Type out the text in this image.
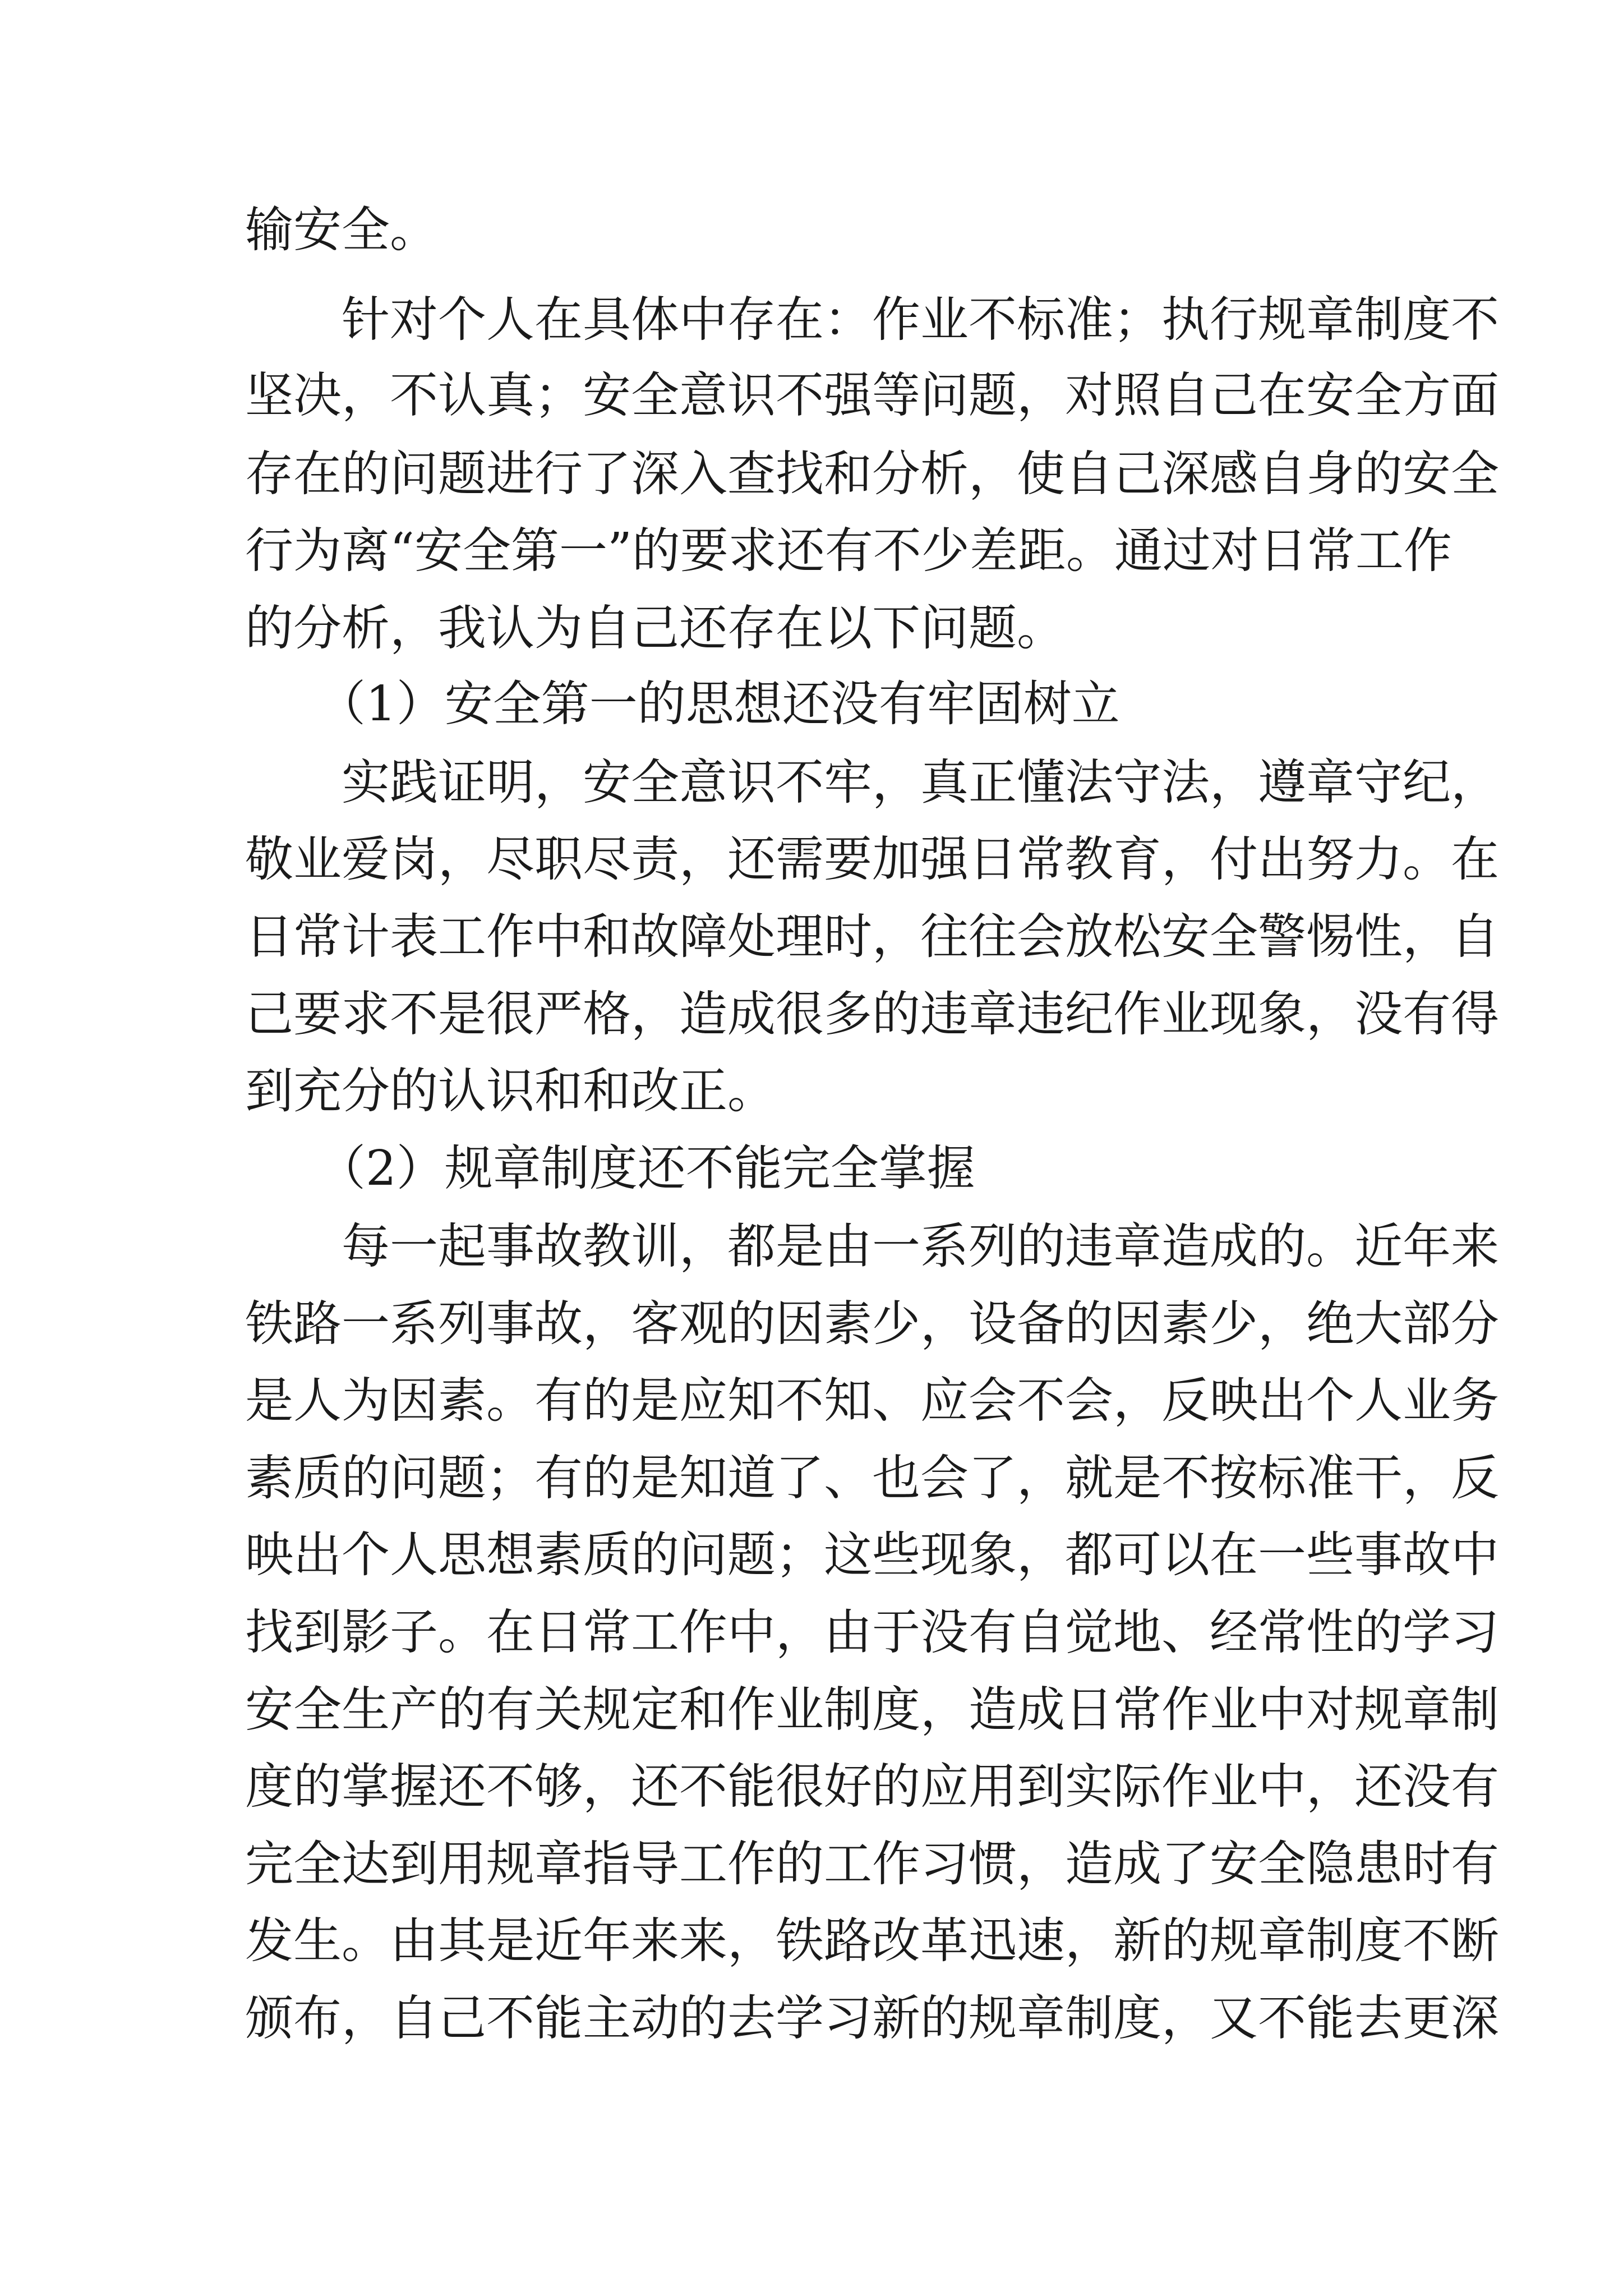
输安全。
　　针对个人在具体中存在：作业不标准；执行规章制度不
坚决，不认真；安全意识不强等问题，对照自己在安全方面
存在的问题进行了深入查找和分析，使自己深感自身的安全
行为离“安全第一”的要求还有不少差距。通过对日常工作
的分析，我认为自己还存在以下问题。
　　（1）安全第一的思想还没有牢固树立
　　实践证明，安全意识不牢，真正懂法守法，遵章守纪，
敬业爱岗，尽职尽责，还需要加强日常教育，付出努力。在
日常计表工作中和故障处理时，往往会放松安全警惕性，自
己要求不是很严格，造成很多的违章违纪作业现象，没有得
到充分的认识和和改正。
　　（2）规章制度还不能完全掌握
　　每一起事故教训，都是由一系列的违章造成的。近年来
铁路一系列事故，客观的因素少，设备的因素少，绝大部分
是人为因素。有的是应知不知、应会不会，反映出个人业务
素质的问题；有的是知道了、也会了，就是不按标准干，反
映出个人思想素质的问题；这些现象，都可以在一些事故中
找到影子。在日常工作中，由于没有自觉地、经常性的学习
安全生产的有关规定和作业制度，造成日常作业中对规章制
度的掌握还不够，还不能很好的应用到实际作业中，还没有
完全达到用规章指导工作的工作习惯，造成了安全隐患时有
发生。由其是近年来来，铁路改革迅速，新的规章制度不断
颁布，自己不能主动的去学习新的规章制度，又不能去更深
